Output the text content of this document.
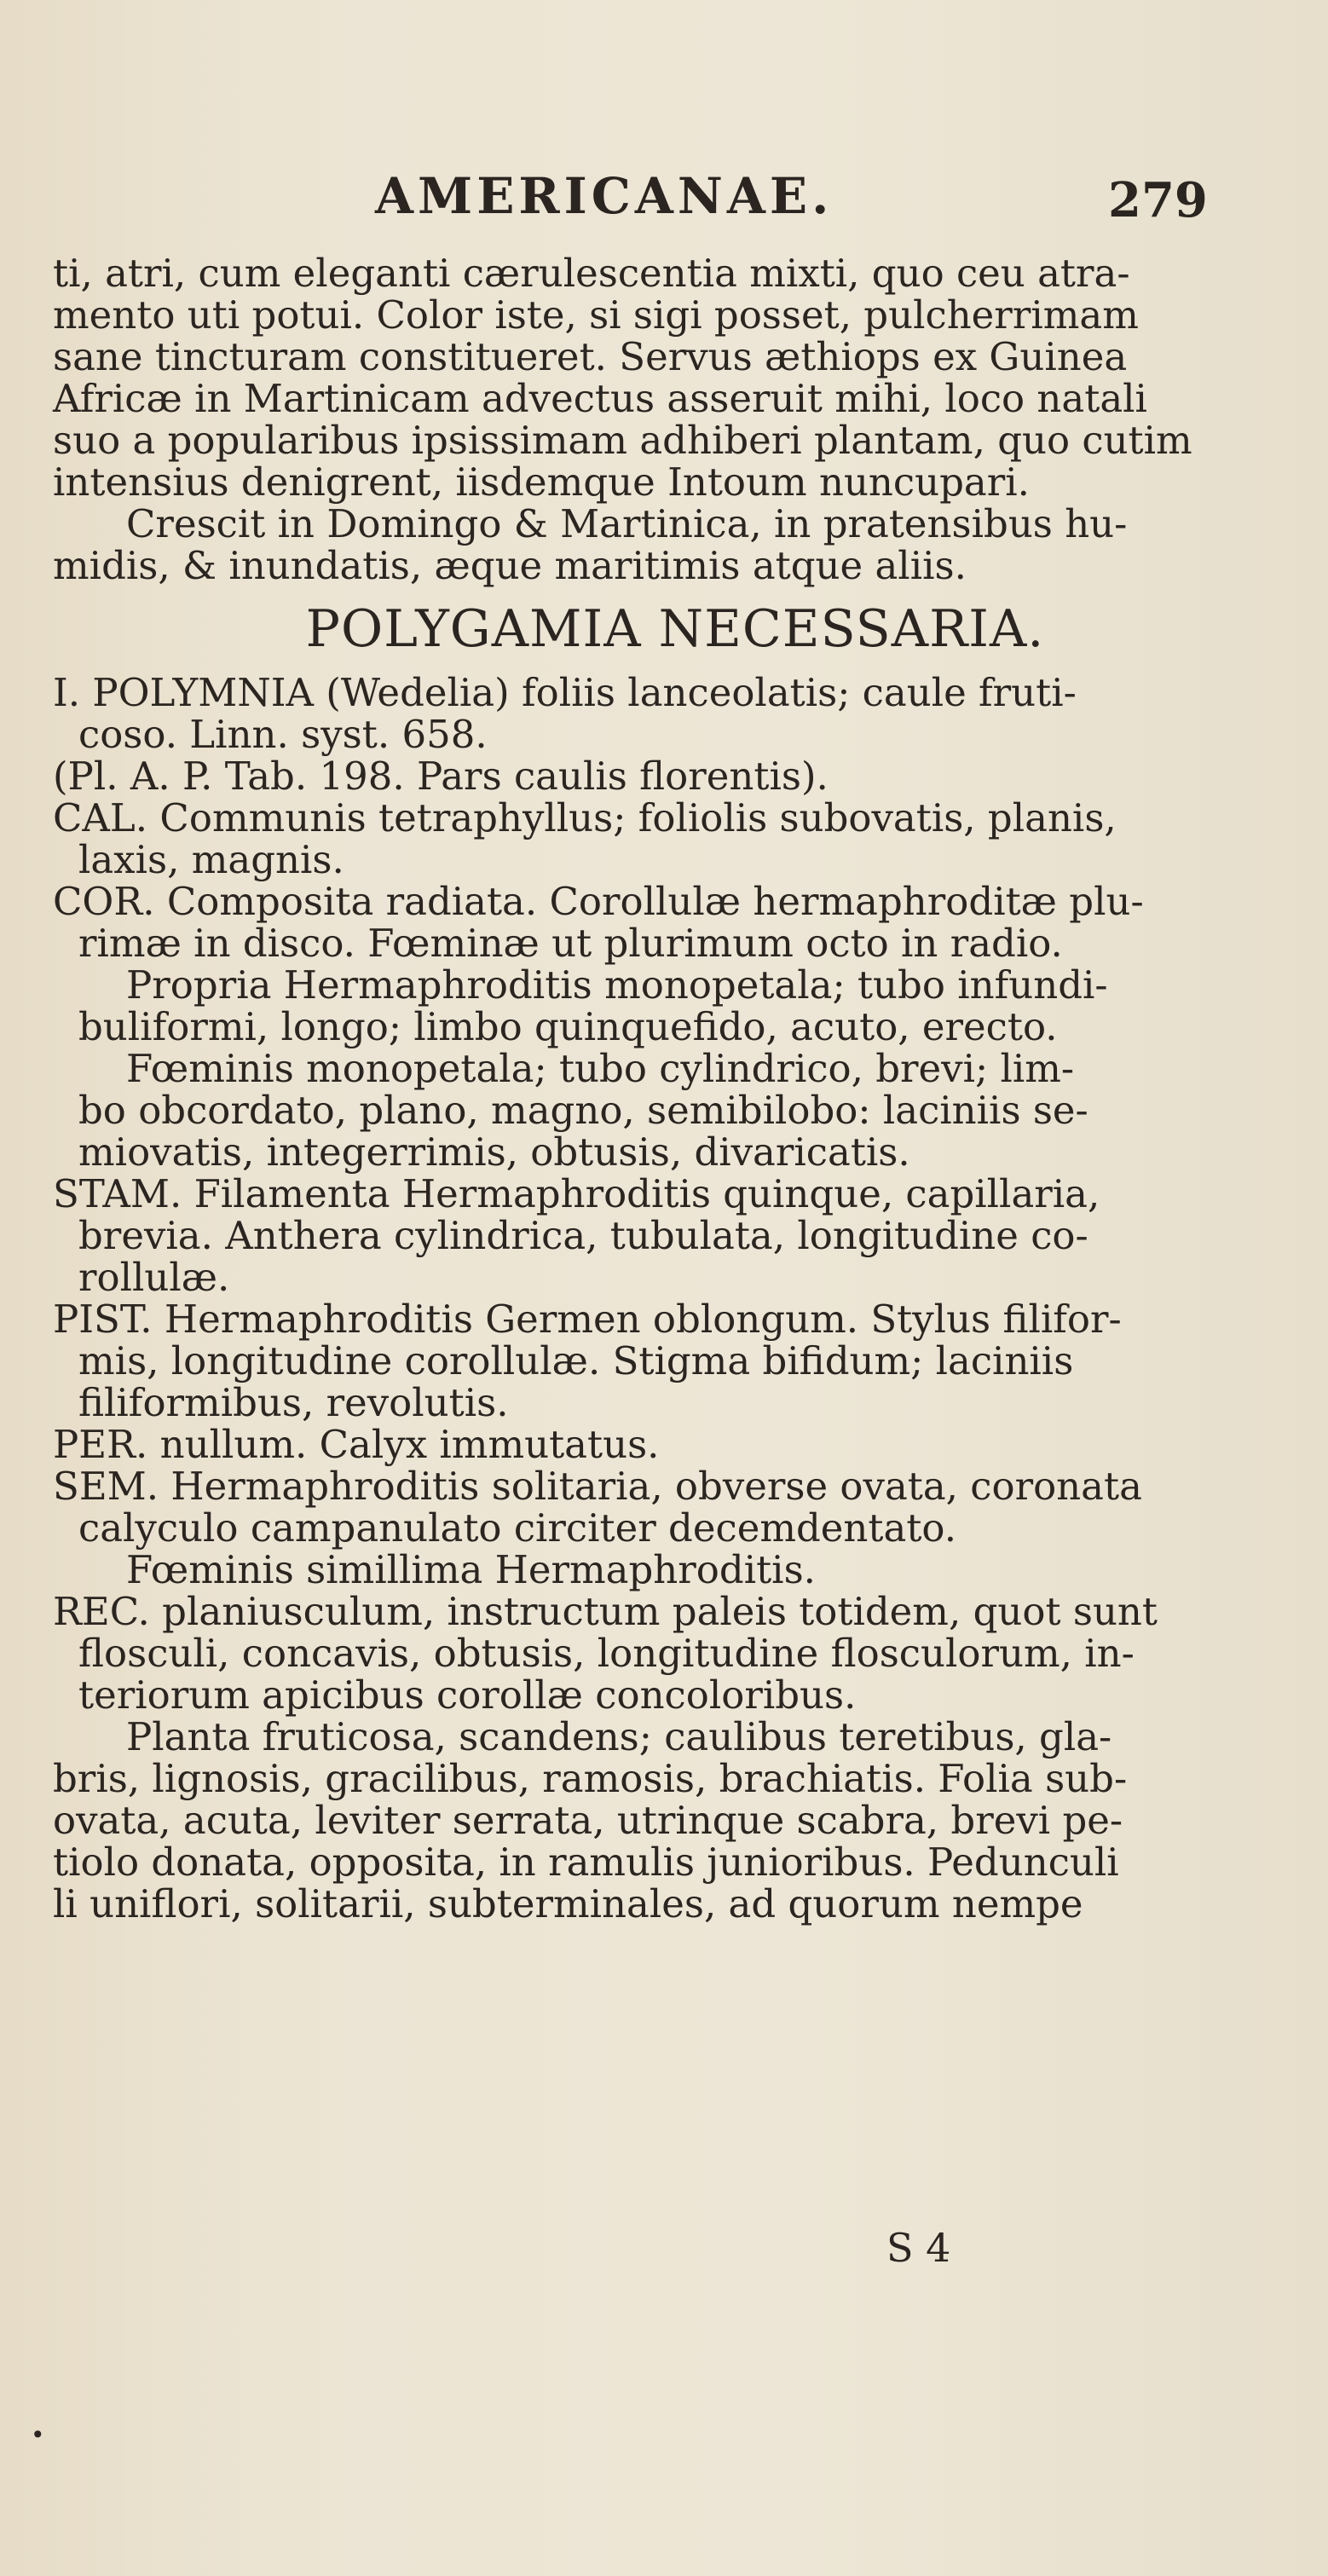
AMERICANAE.	279
ti, atri, cum eleganti cærulescentia mixti, quo ceu atra-
mento uti potui. Color iste, si sigi posset, pulcherrimam
sane tincturam constitueret. Servus æthiops ex Guinea
Africæ in Martinicam advectus asseruit mihi, loco natali
suo a popularibus ipsissimam adhiberi plantam, quo cutim
intensius denigrent, iisdemque Intoum nuncupari.
Crescit in Domingo & Martinica, in pratensibus hu-
midis, & inundatis, æque maritimis atque aliis.
POLYGAMIA NECESSARIA.
I. POLYMNIA (Wedelia) foliis lanceolatis; caule fruti-
coso. Linn. syst. 658.
(Pl. A. P. Tab. 198. Pars caulis florentis).
CAL. Communis tetraphyllus; foliolis subovatis, planis,
laxis, magnis.
COR. Composita radiata. Corollulæ hermaphroditæ plu-
rimæ in disco. Fœminæ ut plurimum octo in radio.
Propria Hermaphroditis monopetala; tubo infundi-
buliformi, longo; limbo quinquefido, acuto, erecto.
Fœminis monopetala; tubo cylindrico, brevi; lim-
bo obcordato, plano, magno, semibilobo: laciniis se-
miovatis, integerrimis, obtusis, divaricatis.
STAM. Filamenta Hermaphroditis quinque, capillaria,
brevia. Anthera cylindrica, tubulata, longitudine co-
rollulæ.
PIST. Hermaphroditis Germen oblongum. Stylus filifor-
mis, longitudine corollulæ. Stigma bifidum; laciniis
filiformibus, revolutis.
PER. nullum. Calyx immutatus.
SEM. Hermaphroditis solitaria, obverse ovata, coronata
calyculo campanulato circiter decemdentato.
Fœminis simillima Hermaphroditis.
REC. planiusculum, instructum paleis totidem, quot sunt
flosculi, concavis, obtusis, longitudine flosculorum, in-
teriorum apicibus corollæ concoloribus.
Planta fruticosa, scandens; caulibus teretibus, gla-
bris, lignosis, gracilibus, ramosis, brachiatis. Folia sub-
ovata, acuta, leviter serrata, utrinque scabra, brevi pe-
tiolo donata, opposita, in ramulis junioribus. Pedunculi
li uniflori, solitarii, subterminales, ad quorum nempe
S 4
•
